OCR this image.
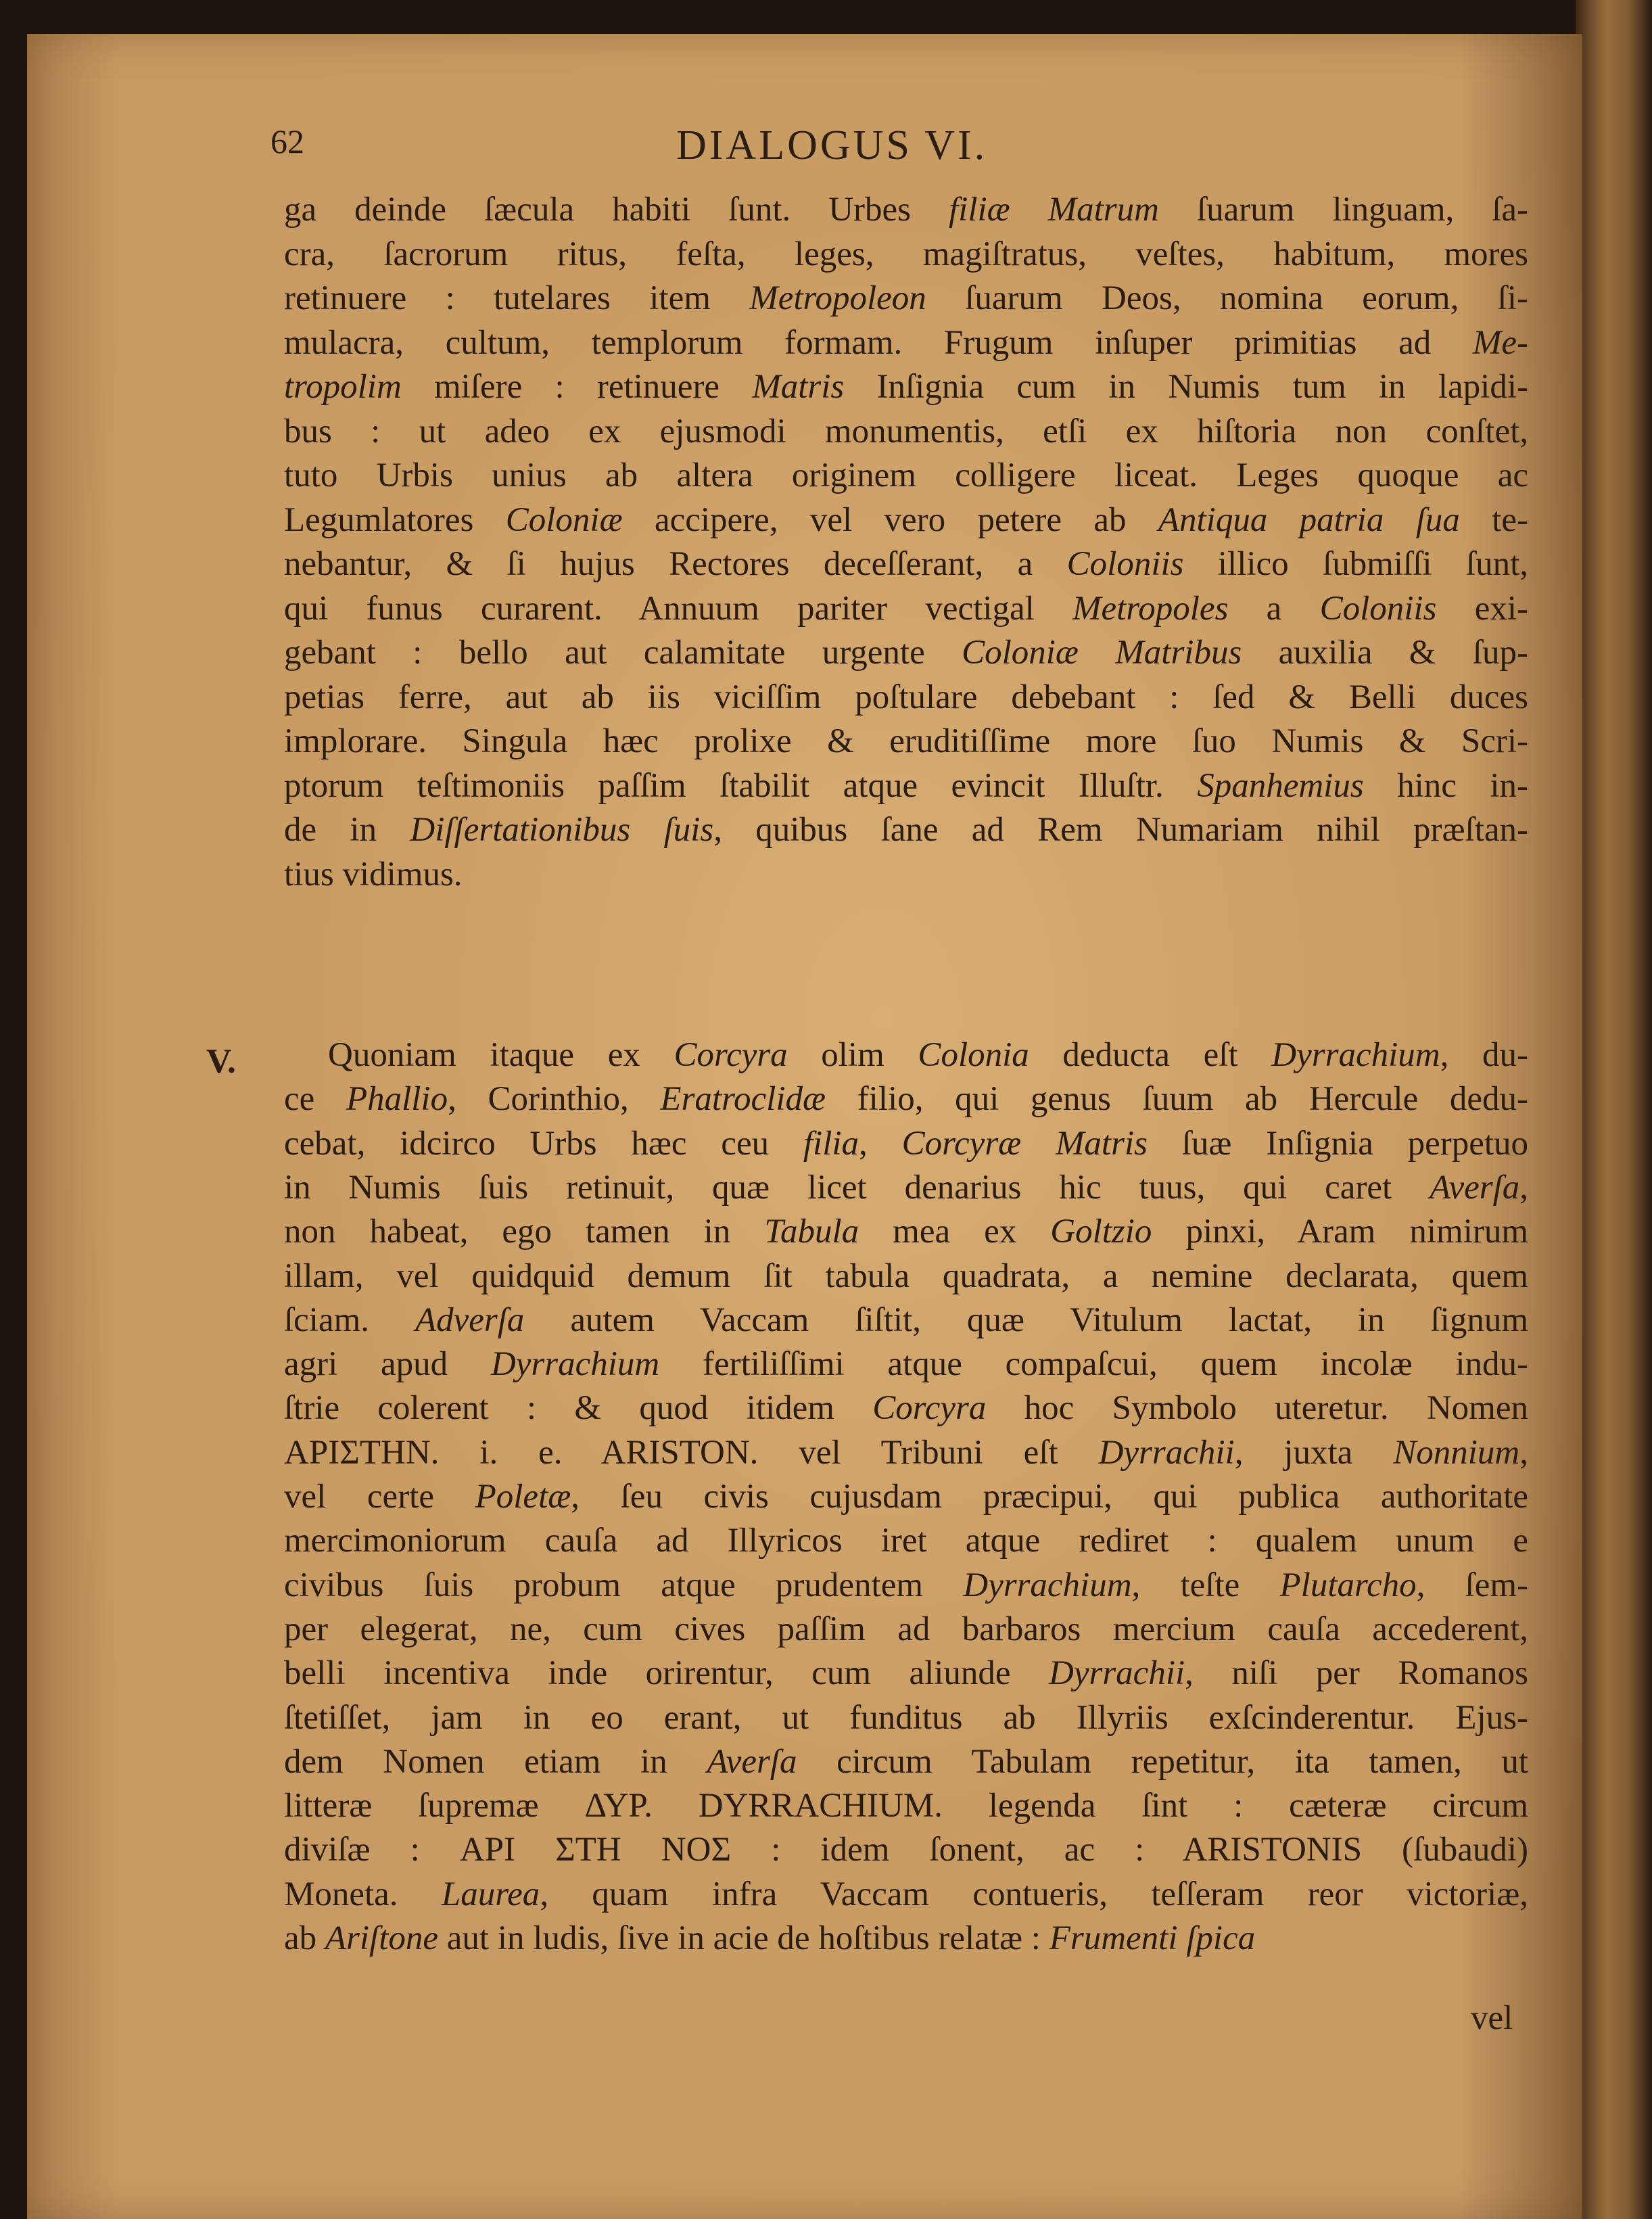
62	DIALOGUS VI.
ga deinde ſæcula habiti ſunt. Urbes filiæ Matrum ſuarum linguam, ſa-
cra, ſacrorum ritus, feſta, leges, magiſtratus, veſtes, habitum, mores
retinuere : tutelares item Metropoleon ſuarum Deos, nomina eorum, ſi-
mulacra, cultum, templorum formam. Frugum inſuper primitias ad Me-
tropolim miſere : retinuere Matris Inſignia cum in Numis tum in lapidi-
bus : ut adeo ex ejusmodi monumentis, etſi ex hiſtoria non conſtet,
tuto Urbis unius ab altera originem colligere liceat. Leges quoque ac
Legumlatores Coloniæ accipere, vel vero petere ab Antiqua patria ſua te-
nebantur, & ſi hujus Rectores deceſſerant, a Coloniis illico ſubmiſſi ſunt,
qui funus curarent. Annuum pariter vectigal Metropoles a Coloniis exi-
gebant : bello aut calamitate urgente Coloniæ Matribus auxilia & ſup-
petias ferre, aut ab iis viciſſim poſtulare debebant : ſed & Belli duces
implorare. Singula hæc prolixe & eruditiſſime more ſuo Numis & Scri-
ptorum teſtimoniis paſſim ſtabilit atque evincit Illuſtr. Spanhemius hinc in-
de in Diſſertationibus ſuis, quibus ſane ad Rem Numariam nihil præſtan-
tius vidimus.
V.	Quoniam itaque ex Corcyra olim Colonia deducta eſt Dyrrachium, du-
ce Phallio, Corinthio, Eratroclidæ filio, qui genus ſuum ab Hercule dedu-
cebat, idcirco Urbs hæc ceu filia, Corcyræ Matris ſuæ Inſignia perpetuo
in Numis ſuis retinuit, quæ licet denarius hic tuus, qui caret Averſa,
non habeat, ego tamen in Tabula mea ex Goltzio pinxi, Aram nimirum
illam, vel quidquid demum ſit tabula quadrata, a nemine declarata, quem
ſciam. Adverſa autem Vaccam ſiſtit, quæ Vitulum lactat, in ſignum
agri apud Dyrrachium fertiliſſimi atque compaſcui, quem incolæ indu-
ſtrie colerent : & quod itidem Corcyra hoc Symbolo uteretur. Nomen
ΑΡΙΣΤΗΝ. i. e. ARISTON. vel Tribuni eſt Dyrrachii, juxta Nonnium,
vel certe Poletæ, ſeu civis cujusdam præcipui, qui publica authoritate
mercimoniorum cauſa ad Illyricos iret atque rediret : qualem unum e
civibus ſuis probum atque prudentem Dyrrachium, teſte Plutarcho, ſem-
per elegerat, ne, cum cives paſſim ad barbaros mercium cauſa accederent,
belli incentiva inde orirentur, cum aliunde Dyrrachii, niſi per Romanos
ſtetiſſet, jam in eo erant, ut funditus ab Illyriis exſcinderentur. Ejus-
dem Nomen etiam in Averſa circum Tabulam repetitur, ita tamen, ut
litteræ ſupremæ ΔΥΡ. DYRRACHIUM. legenda ſint : cæteræ circum
diviſæ : ΑΡΙ ΣΤΗ ΝΟΣ : idem ſonent, ac : ARISTONIS (ſubaudi)
Moneta. Laurea, quam infra Vaccam contueris, teſſeram reor victoriæ,
ab Ariſtone aut in ludis, ſive in acie de hoſtibus relatæ : Frumenti ſpica
vel
